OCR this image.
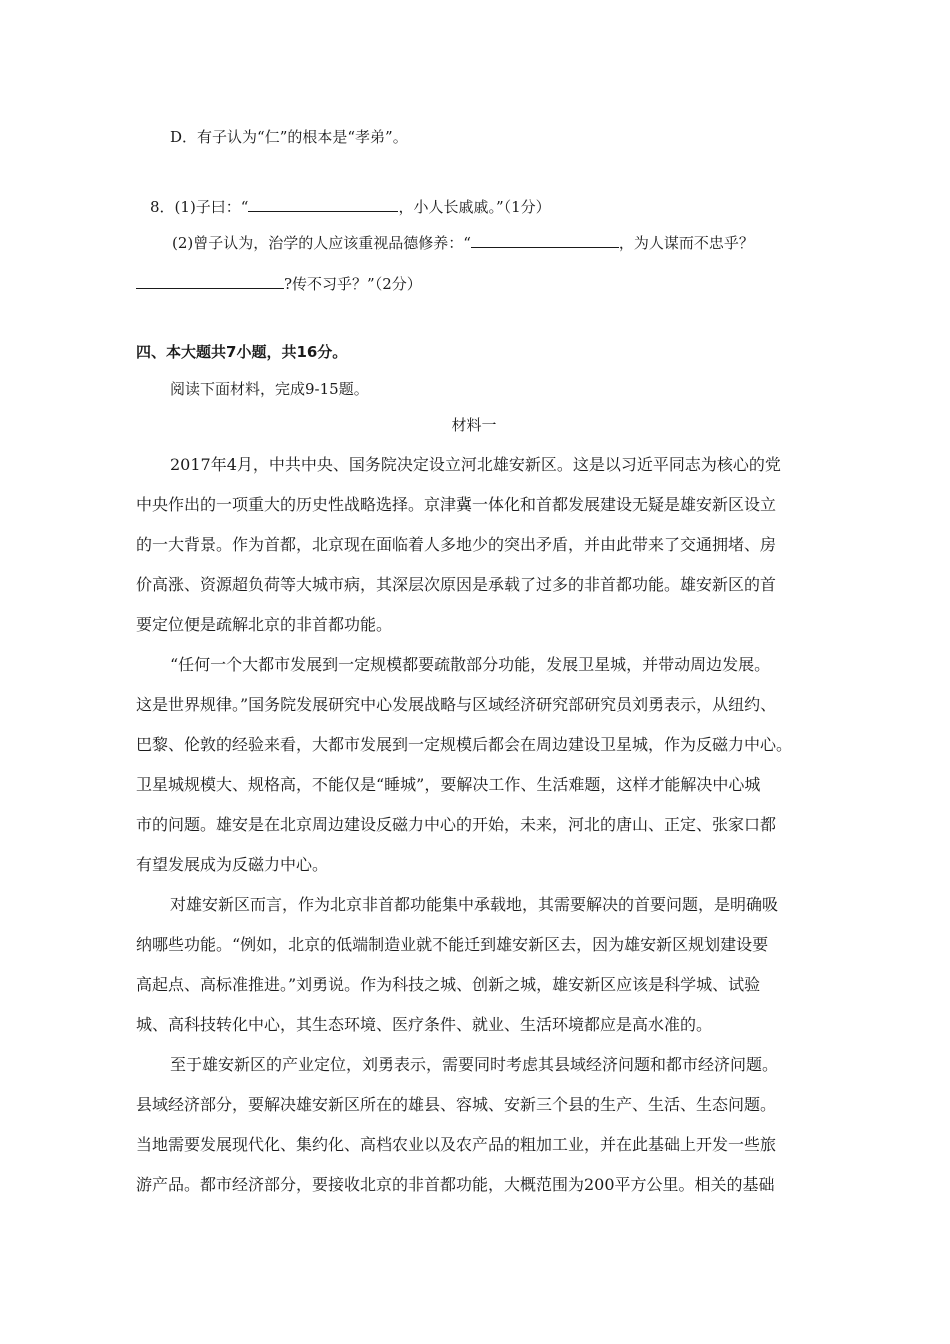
D．有子认为“仁”的根本是“孝弟”。
8．(1)子曰：“	，小人长戚戚。”（1分）
(2)曾子认为，治学的人应该重视品德修养：“	，为人谋而不忠乎？
?传不习乎？”（2分）
四、本大题共7小题，共16分。
阅读下面材料，完成9-15题。
材料一
2017年4月，中共中央、国务院决定设立河北雄安新区。这是以习近平同志为核心的党
中央作出的一项重大的历史性战略选择。京津冀一体化和首都发展建设无疑是雄安新区设立
的一大背景。作为首都，北京现在面临着人多地少的突出矛盾，并由此带来了交通拥堵、房
价高涨、资源超负荷等大城市病，其深层次原因是承载了过多的非首都功能。雄安新区的首
要定位便是疏解北京的非首都功能。
“任何一个大都市发展到一定规模都要疏散部分功能，发展卫星城，并带动周边发展。
这是世界规律。”国务院发展研究中心发展战略与区域经济研究部研究员刘勇表示，从纽约、
巴黎、伦敦的经验来看，大都市发展到一定规模后都会在周边建设卫星城，作为反磁力中心。
卫星城规模大、规格高，不能仅是“睡城”，要解决工作、生活难题，这样才能解决中心城
市的问题。雄安是在北京周边建设反磁力中心的开始，未来，河北的唐山、正定、张家口都
有望发展成为反磁力中心。
对雄安新区而言，作为北京非首都功能集中承载地，其需要解决的首要问题，是明确吸
纳哪些功能。“例如，北京的低端制造业就不能迁到雄安新区去，因为雄安新区规划建设要
高起点、高标准推进。”刘勇说。作为科技之城、创新之城，雄安新区应该是科学城、试验
城、高科技转化中心，其生态环境、医疗条件、就业、生活环境都应是高水准的。
至于雄安新区的产业定位，刘勇表示，需要同时考虑其县域经济问题和都市经济问题。
县域经济部分，要解决雄安新区所在的雄县、容城、安新三个县的生产、生活、生态问题。
当地需要发展现代化、集约化、高档农业以及农产品的粗加工业，并在此基础上开发一些旅
游产品。都市经济部分，要接收北京的非首都功能，大概范围为200平方公里。相关的基础
